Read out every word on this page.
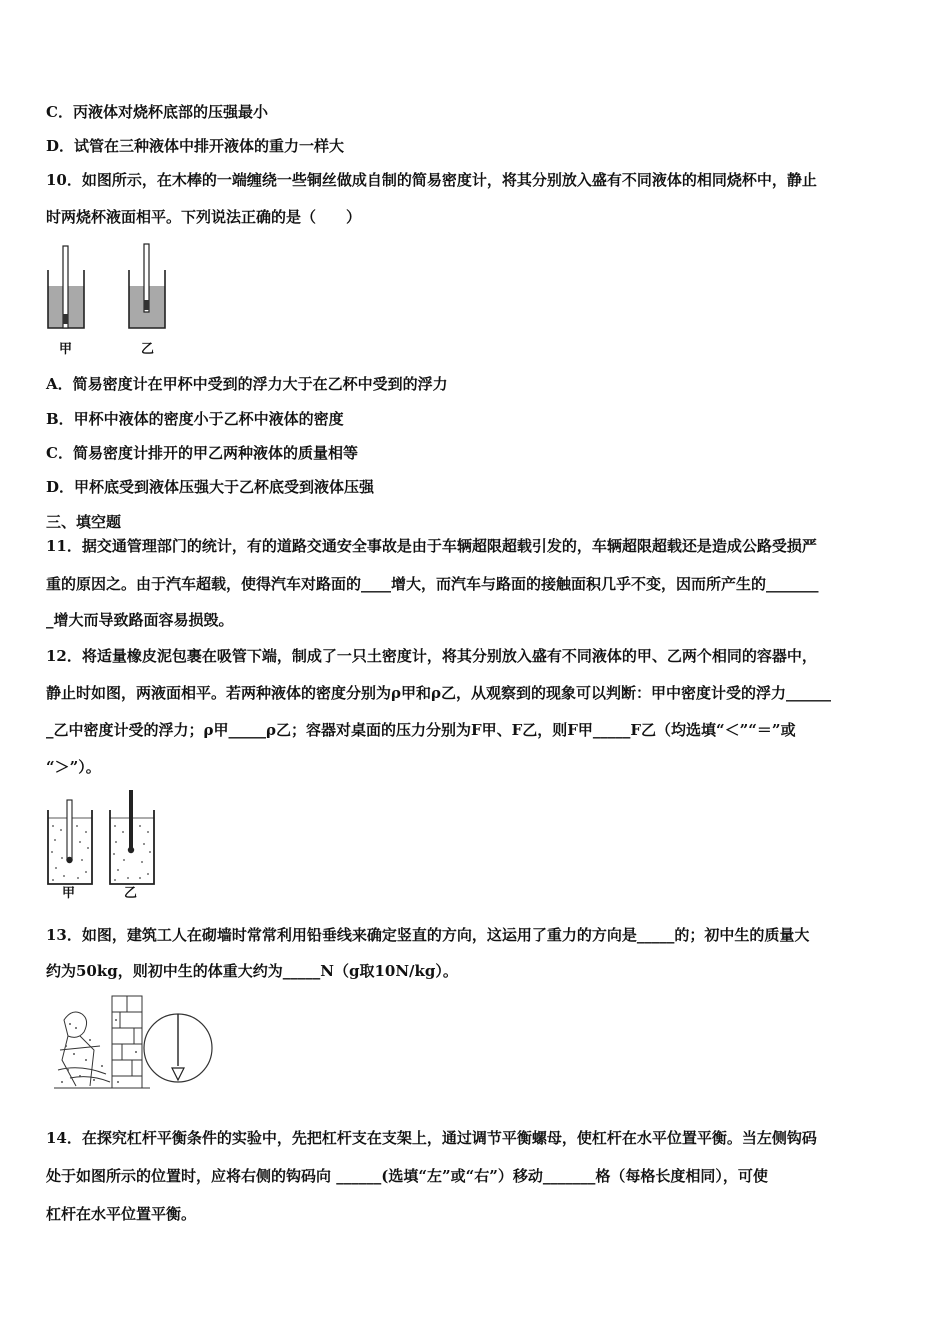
C．丙液体对烧杯底部的压强最小
D．试管在三种液体中排开液体的重力一样大
10．如图所示，在木棒的一端缠绕一些铜丝做成自制的简易密度计，将其分别放入盛有不同液体的相同烧杯中，静止
时两烧杯液面相平。下列说法正确的是（　　）
甲	乙
A．简易密度计在甲杯中受到的浮力大于在乙杯中受到的浮力
B．甲杯中液体的密度小于乙杯中液体的密度
C．简易密度计排开的甲乙两种液体的质量相等
D．甲杯底受到液体压强大于乙杯底受到液体压强
三、填空题
11．据交通管理部门的统计，有的道路交通安全事故是由于车辆超限超载引发的，车辆超限超载还是造成公路受损严
重的原因之。由于汽车超载，使得汽车对路面的____增大，而汽车与路面的接触面积几乎不变，因而所产生的_______
_增大而导致路面容易损毁。
12．将适量橡皮泥包裹在吸管下端，制成了一只土密度计，将其分别放入盛有不同液体的甲、乙两个相同的容器中，
静止时如图，两液面相平。若两种液体的密度分别为ρ甲和ρ乙，从观察到的现象可以判断：甲中密度计受的浮力______
_乙中密度计受的浮力；ρ甲_____ρ乙；容器对桌面的压力分别为F甲、F乙，则F甲_____F乙（均选填“＜”“＝”或
“＞”）。
甲	乙
13．如图，建筑工人在砌墙时常常利用铅垂线来确定竖直的方向，这运用了重力的方向是_____的；初中生的质量大
约为50kg，则初中生的体重大约为_____N（g取10N/kg）。
14．在探究杠杆平衡条件的实验中，先把杠杆支在支架上，通过调节平衡螺母，使杠杆在水平位置平衡。当左侧钩码
处于如图所示的位置时，应将右侧的钩码向 ______(选填“左”或“右”）移动_______格（每格长度相同），可使
杠杆在水平位置平衡。
